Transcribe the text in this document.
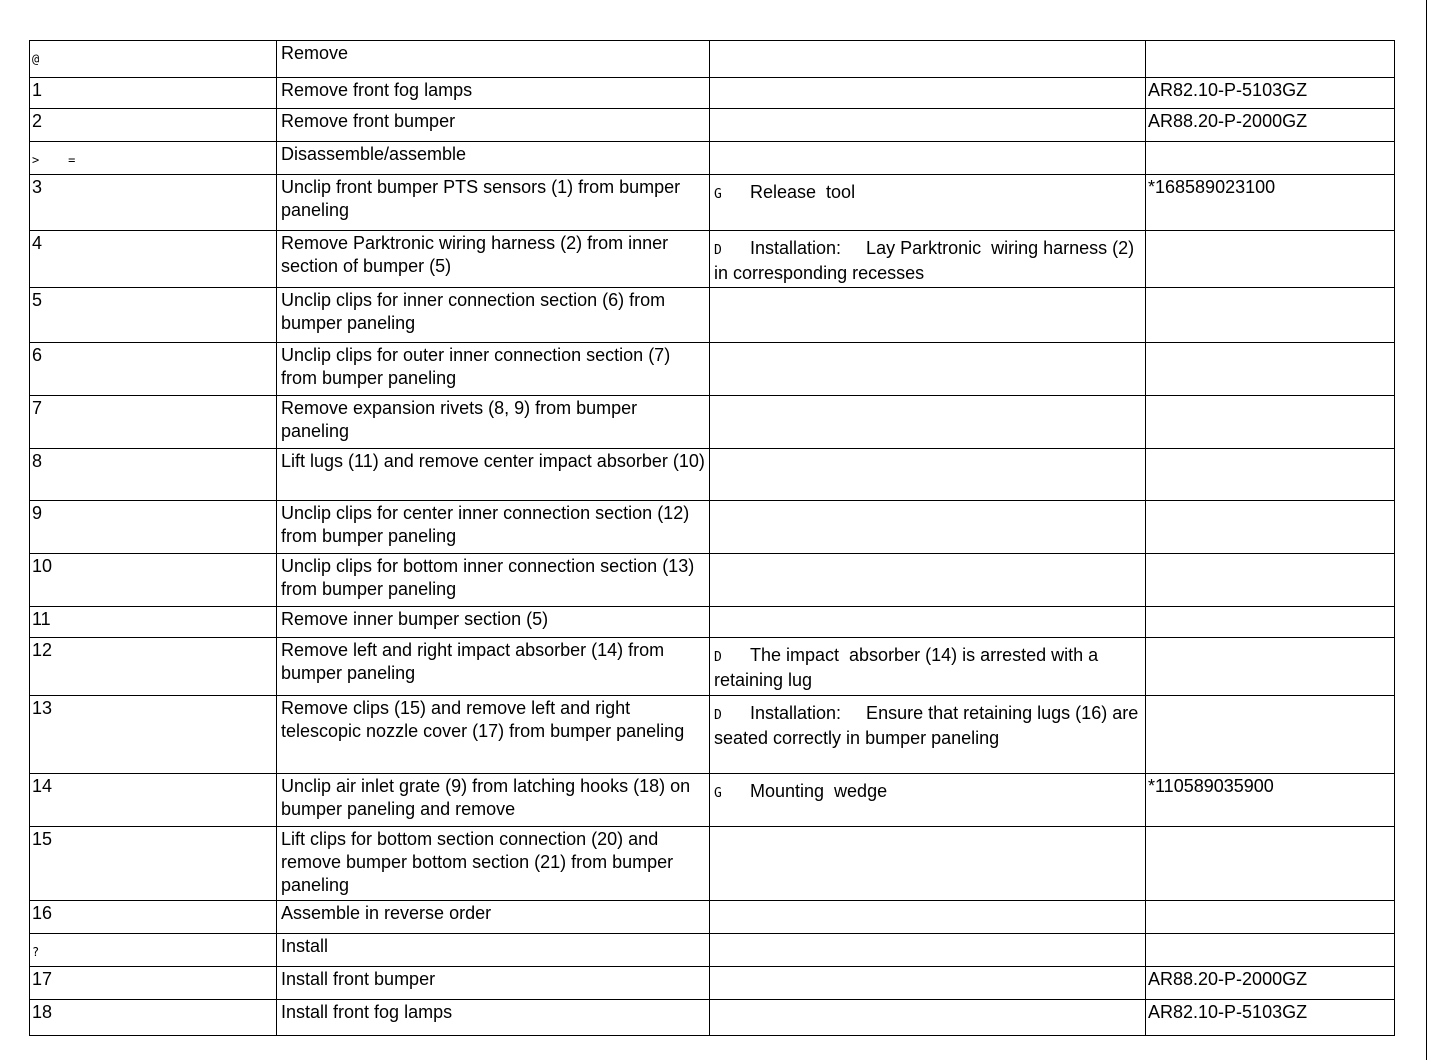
@	Remove		
1	Remove front fog lamps		AR82.10-P-5103GZ
2	Remove front bumper		AR88.20-P-2000GZ
>    =	Disassemble/assemble		
3	Unclip front bumper PTS sensors (1) from bumper paneling	G Release  tool	*168589023100
4	Remove Parktronic wiring harness (2) from inner section of bumper (5)	D Installation:     Lay Parktronic  wiring harness (2) in corresponding recesses	
5	Unclip clips for inner connection section (6) from bumper paneling		
6	Unclip clips for outer inner connection section (7) from bumper paneling		
7	Remove expansion rivets (8, 9) from bumper paneling		
8	Lift lugs (11) and remove center impact absorber (10)		
9	Unclip clips for center inner connection section (12) from bumper paneling		
10	Unclip clips for bottom inner connection section (13) from bumper paneling		
11	Remove inner bumper section (5)		
12	Remove left and right impact absorber (14) from bumper paneling	D The impact  absorber (14) is arrested with a retaining lug	
13	Remove clips (15) and remove left and right telescopic nozzle cover (17) from bumper paneling	D Installation:     Ensure that retaining lugs (16) are seated correctly in bumper paneling	
14	Unclip air inlet grate (9) from latching hooks (18) on bumper paneling and remove	G Mounting  wedge	*110589035900
15	Lift clips for bottom section connection (20) and remove bumper bottom section (21) from bumper paneling		
16	Assemble in reverse order		
?	Install		
17	Install front bumper		AR88.20-P-2000GZ
18	Install front fog lamps		AR82.10-P-5103GZ
